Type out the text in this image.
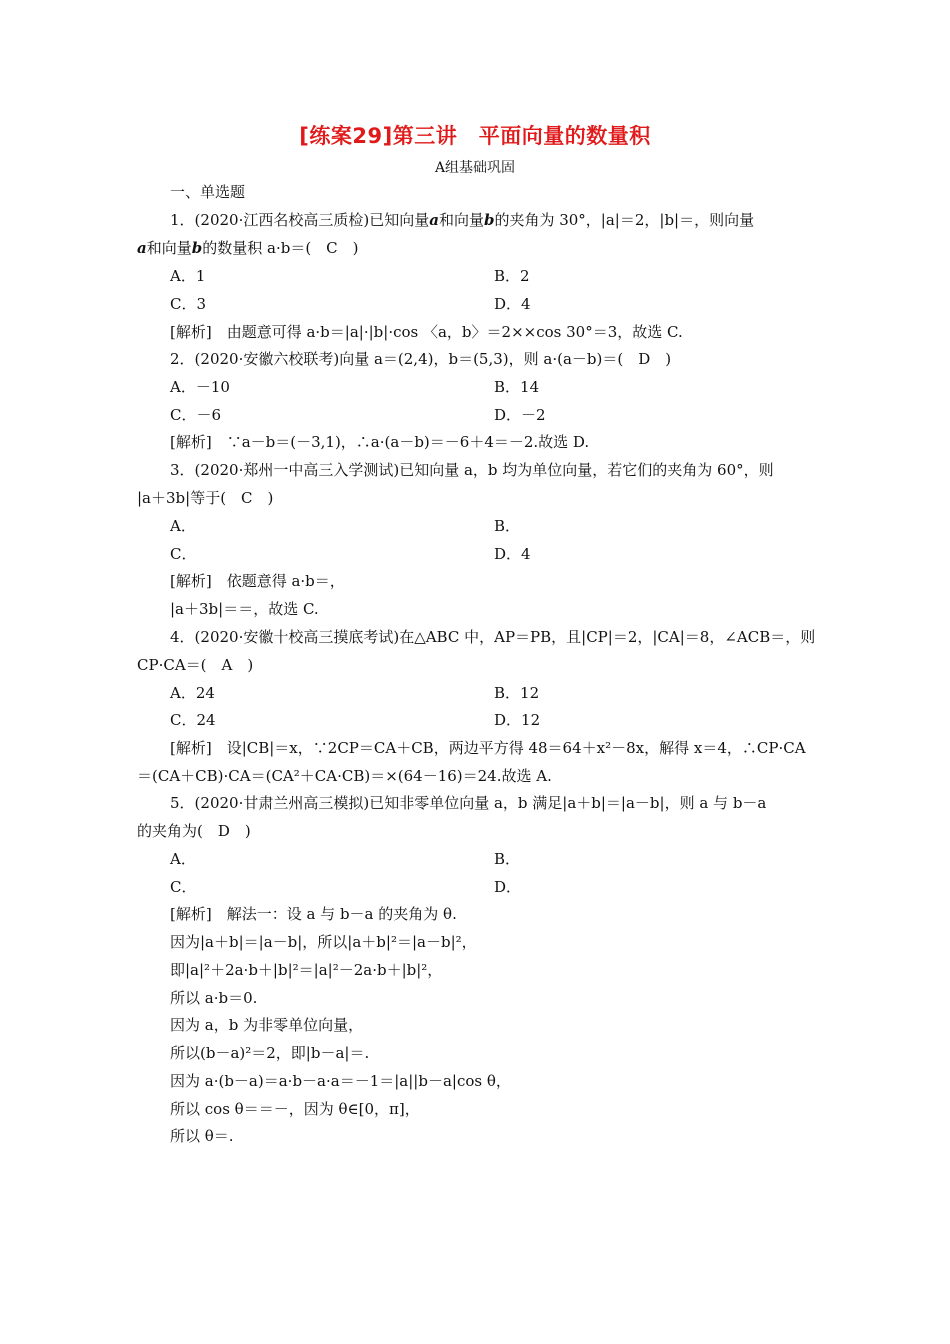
[练案29]第三讲　平面向量的数量积
A组基础巩固
一、单选题
1．(2020·江西名校高三质检)已知向量a和向量b的夹角为 30°，|a|＝2，|b|＝，则向量
a和向量b的数量积 a·b＝(　C　)
A．1	B．2
C．3	D．4
[解析]　由题意可得 a·b＝|a|·|b|·cos 〈a，b〉＝2××cos 30°＝3，故选 C.
2．(2020·安徽六校联考)向量 a＝(2,4)，b＝(5,3)，则 a·(a－b)＝(　D　)
A．－10	B．14
C．－6	D．－2
[解析]　∵a－b＝(－3,1)，∴a·(a－b)＝－6＋4＝－2.故选 D.
3．(2020·郑州一中高三入学测试)已知向量 a，b 均为单位向量，若它们的夹角为 60°，则
|a＋3b|等于(　C　)
A．	B．
C．	D．4
[解析]　依题意得 a·b＝，
|a＋3b|＝＝，故选 C.
4．(2020·安徽十校高三摸底考试)在△ABC 中，AP＝PB，且|CP|＝2，|CA|＝8，∠ACB＝，则
CP·CA＝(　A　)
A．24	B．12
C．24	D．12
[解析]　设|CB|＝x，∵2CP＝CA＋CB，两边平方得 48＝64＋x²－8x，解得 x＝4，∴CP·CA
＝(CA＋CB)·CA＝(CA²＋CA·CB)＝×(64－16)＝24.故选 A.
5．(2020·甘肃兰州高三模拟)已知非零单位向量 a，b 满足|a＋b|＝|a－b|，则 a 与 b－a
的夹角为(　D　)
A．	B．
C．	D．
[解析]　解法一：设 a 与 b－a 的夹角为 θ.
因为|a＋b|＝|a－b|，所以|a＋b|²＝|a－b|²，
即|a|²＋2a·b＋|b|²＝|a|²－2a·b＋|b|²，
所以 a·b＝0.
因为 a，b 为非零单位向量，
所以(b－a)²＝2，即|b－a|＝.
因为 a·(b－a)＝a·b－a·a＝－1＝|a||b－a|cos θ，
所以 cos θ＝＝－，因为 θ∈[0，π]，
所以 θ＝.
